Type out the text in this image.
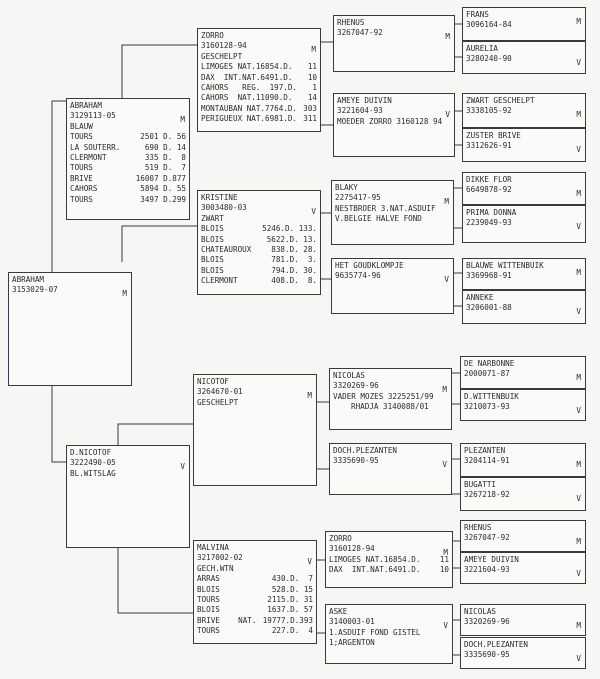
ABRAHAM
3153029-07	M
ABRAHAM
3129113-05	M
BLAUW
TOURS	2501 D. 56
LA SOUTERR.	690 D. 14
CLERMONT	335 D.  8
TOURS	519 D.  7
BRIVE	16007 D.877
CAHORS	5894 D. 55
TOURS	3497 D.299
D.NICOTOF
3222490-05	V
BL.WITSLAG
ZORRO
3160128-94	M
GESCHELPT
LIMOGES NAT.16854.D.	11
DAX  INT.NAT.6491.D.	10
CAHORS   REG.  197.D. 1
CAHORS  NAT.11090.D.	14
MONTAUBAN NAT.7764.D. 303
PERIGUEUX NAT.6981.D. 311
KRISTINE
3003480-03	V
ZWART
BLOIS	5246.D. 133.
BLOIS	5622.D. 13.
CHATEAUROUX	838.D. 28.
BLOIS	781.D.  3.
BLOIS	794.D. 30.
CLERMONT	408.D.  8.
NICOTOF
3264670-01	M
GESCHELPT
MALVINA
3217002-02	V
GECH.WTN
ARRAS	430.D.  7
BLOIS	528.D. 15
TOURS	2115.D. 31
BLOIS	1637.D. 57
BRIVE    NAT. 19777.D.393
TOURS	227.D.  4
RHENUS
3267047-92	M
AMEYE DUIVIN
3221604-93	V
MOEDER ZORRO 3160128 94
BLAKY
2275417-95	M
NESTBROER 3.NAT.ASDUIF
V.BELGIE HALVE FOND
HET GOUDKLOMPJE
9635774-96	V
NICOLAS
3320269-96	M
VADER MOZES 3225251/99
RHADJA 3140088/01
DOCH.PLEZANTEN
3335690-95	V
ZORRO
3160128-94	M
LIMOGES NAT.16854.D.	11
DAX  INT.NAT.6491.D.	10
ASKE
3140003-01	V
1.ASDUIF FOND GISTEL
1;ARGENTON
FRANS
3096164-84	M
AURELIA
3280240-90	V
ZWART GESCHELPT
3338105-92	M
ZUSTER BRIVE
3312626-91	V
DIKKE FLOR
6649878-92	M
PRIMA DONNA
2239049-93	V
BLAUWE WITTENBUIK
3369968-91	M
ANNEKE
3206001-88	V
DE NARBONNE
2000071-87	M
D.WITTENBUIK
3210073-93	V
PLEZANTEN
3204114-91	M
BUGATTI
3267218-92	V
RHENUS
3267047-92	M
AMEYE DUIVIN
3221604-93	V
NICOLAS
3320269-96	M
DOCH.PLEZANTEN
3335690-95	V
